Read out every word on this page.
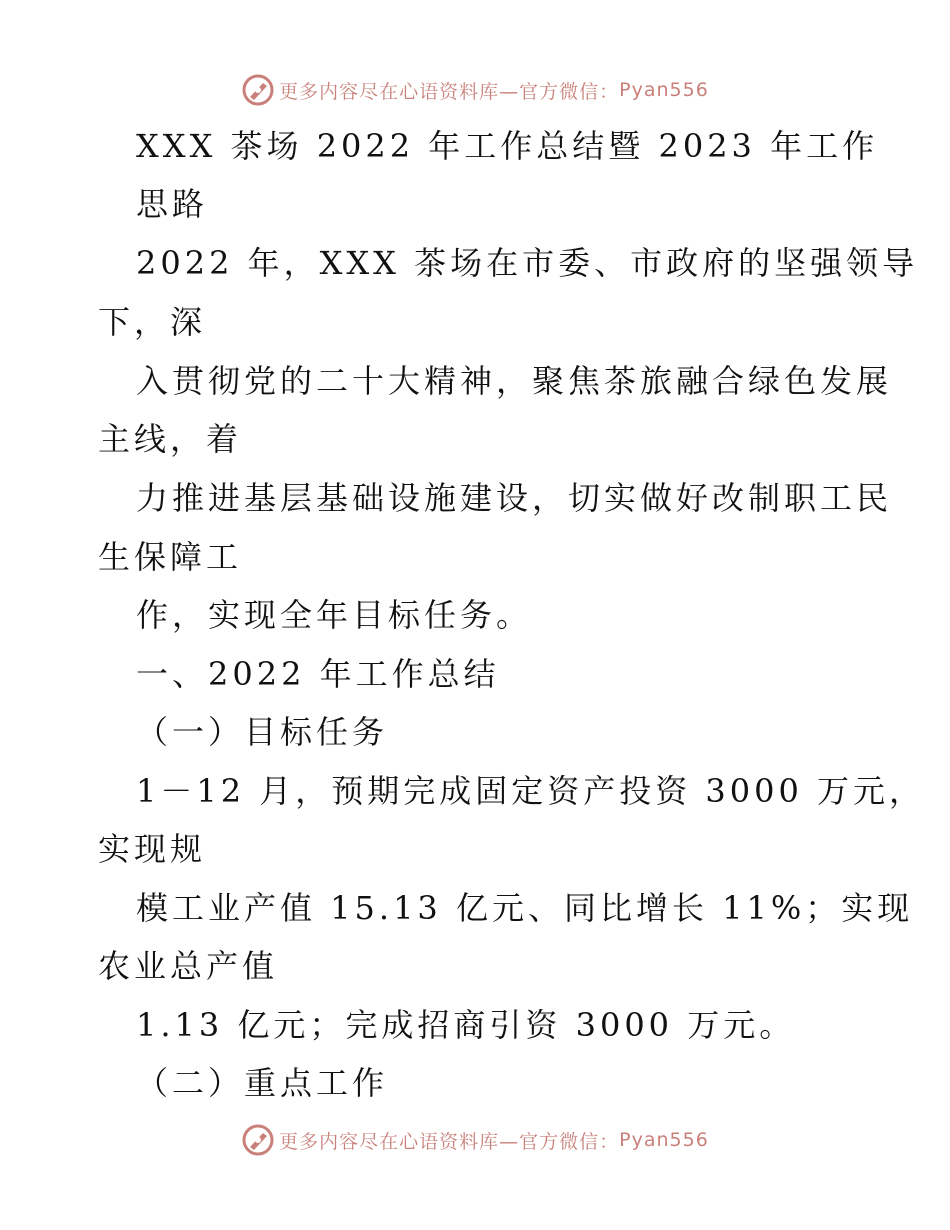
更多内容尽在心语资料库—官方微信： Pyan556
XXX 茶场 2022 年工作总结暨 2023 年工作
思路
2022 年，XXX 茶场在市委、市政府的坚强领导
下，深
入贯彻党的二十大精神，聚焦茶旅融合绿色发展
主线，着
力推进基层基础设施建设，切实做好改制职工民
生保障工
作，实现全年目标任务。
一、2022 年工作总结
（一）目标任务
1－12 月，预期完成固定资产投资 3000 万元，
实现规
模工业产值 15.13 亿元、同比增长 11%；实现
农业总产值
1.13 亿元；完成招商引资 3000 万元。
（二）重点工作
更多内容尽在心语资料库—官方微信： Pyan556
